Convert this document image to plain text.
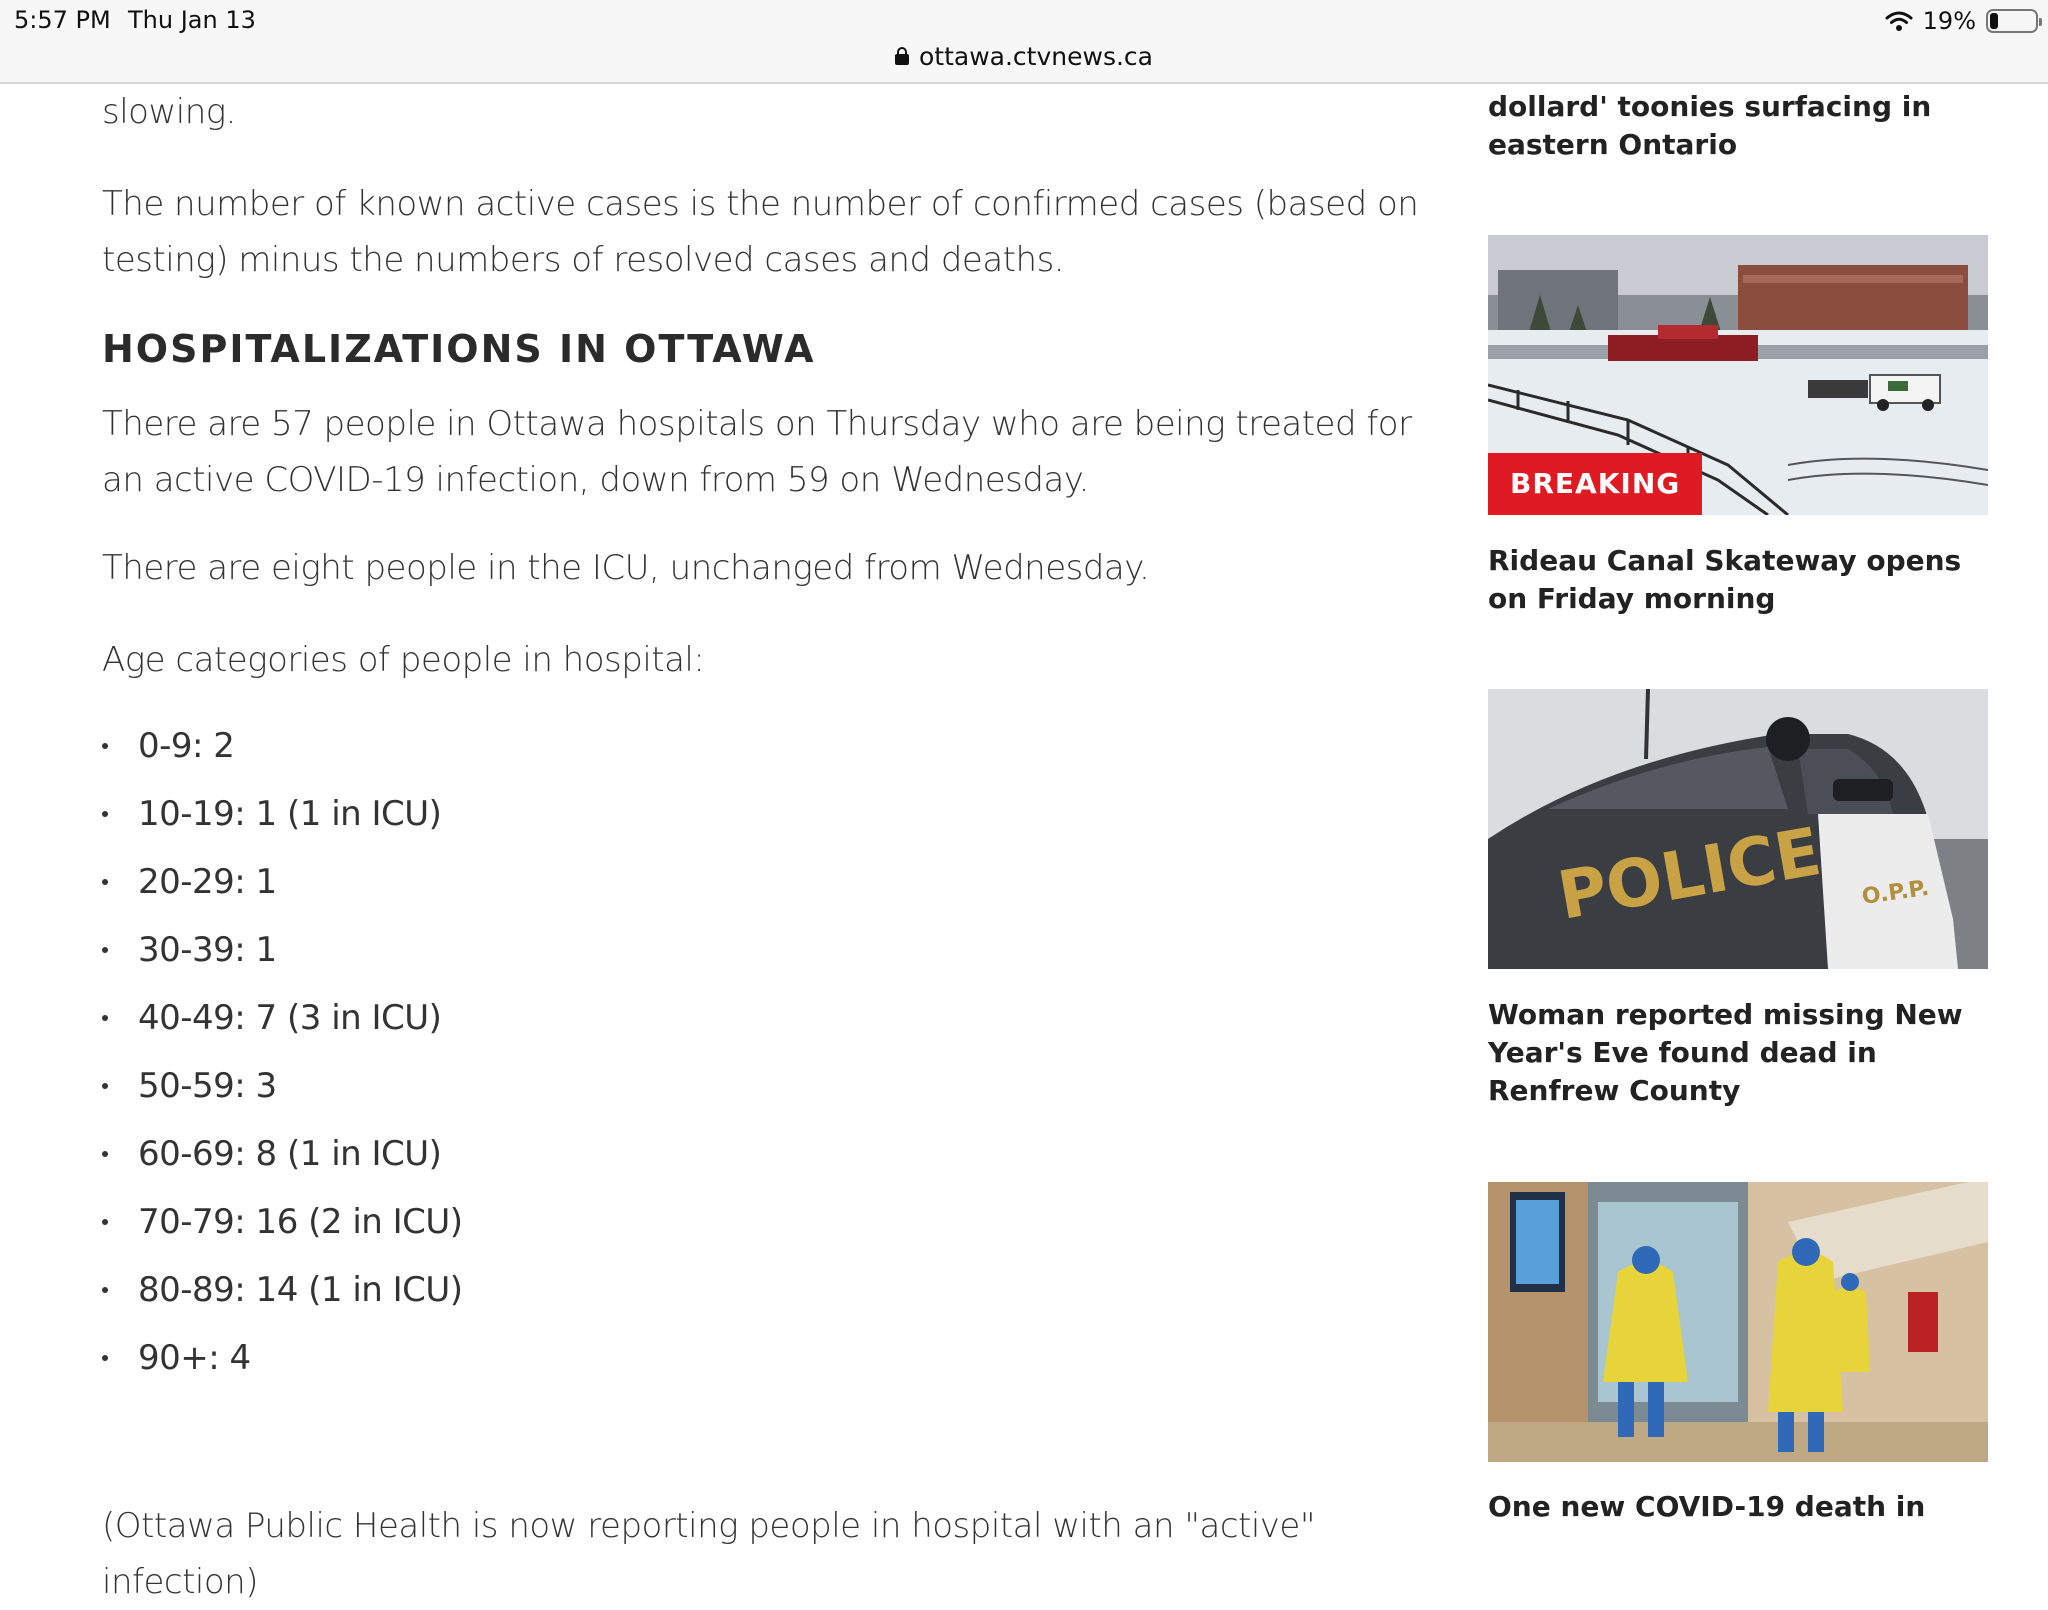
5:57 PM Thu Jan 13	19%
ottawa.ctvnews.ca

slowing.

The number of known active cases is the number of confirmed cases (based on testing) minus the numbers of resolved cases and deaths.

HOSPITALIZATIONS IN OTTAWA

There are 57 people in Ottawa hospitals on Thursday who are being treated for an active COVID-19 infection, down from 59 on Wednesday.

There are eight people in the ICU, unchanged from Wednesday.

Age categories of people in hospital:

0-9: 2
10-19: 1 (1 in ICU)
20-29: 1
30-39: 1
40-49: 7 (3 in ICU)
50-59: 3
60-69: 8 (1 in ICU)
70-79: 16 (2 in ICU)
80-89: 14 (1 in ICU)
90+: 4

(Ottawa Public Health is now reporting people in hospital with an "active" infection)

dollard' toonies surfacing in eastern Ontario
BREAKING
Rideau Canal Skateway opens on Friday morning
POLICE O.P.P.
Woman reported missing New Year's Eve found dead in Renfrew County
One new COVID-19 death in
